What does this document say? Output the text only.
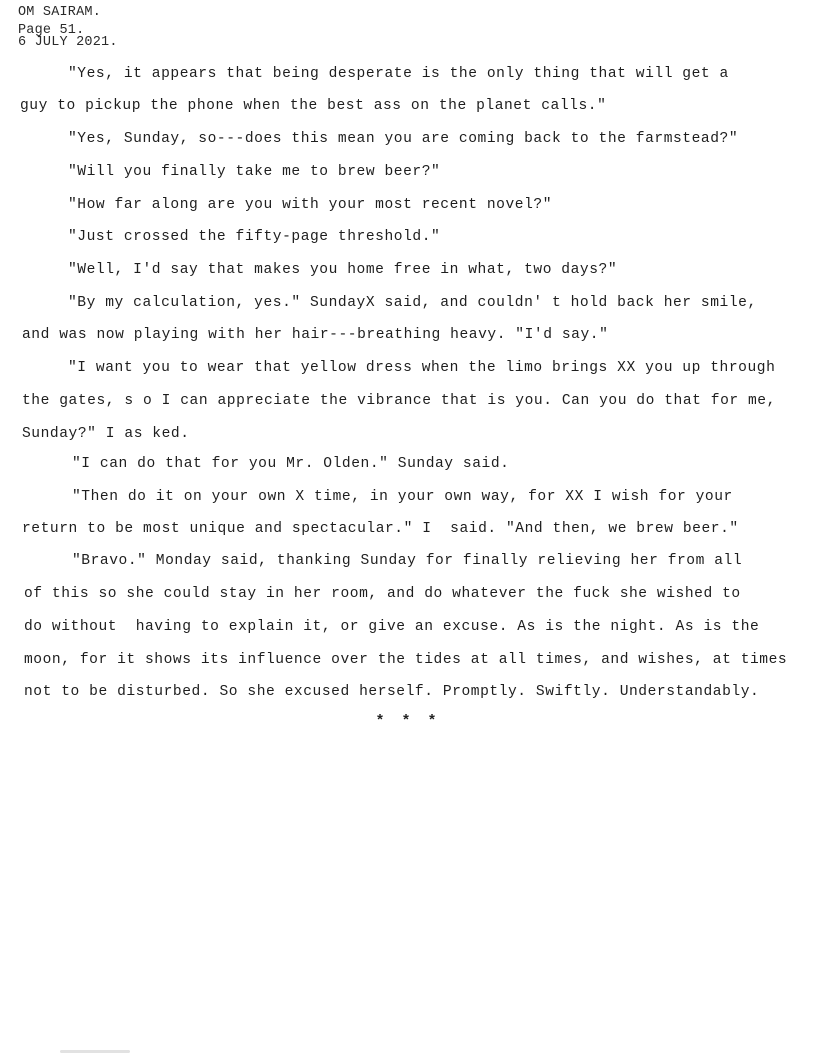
OM SAIRAM.
Page 51.
6 JULY 2021.
"Yes, it appears that being desperate is the only thing that will get a
guy to pickup the phone when the best ass on the planet calls."
"Yes, Sunday, so---does this mean you are coming back to the farmstead?"
"Will you finally take me to brew beer?"
"How far along are you with your most recent novel?"
"Just crossed the fifty-page threshold."
"Well, I'd say that makes you home free in what, two days?"
"By my calculation, yes." SundayX said, and couldn' t hold back her smile,
and was now playing with her hair---breathing heavy. "I'd say."
"I want you to wear that yellow dress when the limo brings XX you up through
the gates, s o I can appreciate the vibrance that is you. Can you do that for me,
Sunday?" I as ked.
"I can do that for you Mr. Olden." Sunday said.
"Then do it on your own X time, in your own way, for XX I wish for your
return to be most unique and spectacular." I  said. "And then, we brew beer."
"Bravo." Monday said, thanking Sunday for finally relieving her from all
of this so she could stay in her room, and do whatever the fuck she wished to
do without  having to explain it, or give an excuse. As is the night. As is the
moon, for it shows its influence over the tides at all times, and wishes, at times
not to be disturbed. So she excused herself. Promptly. Swiftly. Understandably.
* * *
